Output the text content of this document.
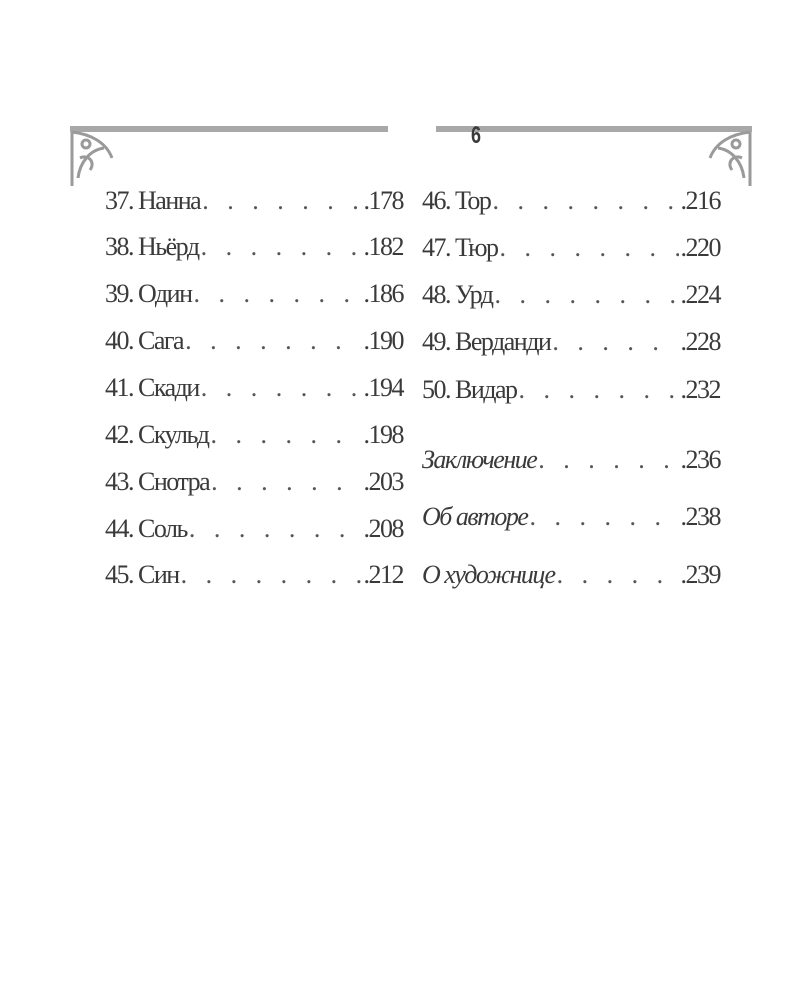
6
37. Нанна . . .	.178
38. Ньёрд . . .	.182
39. Один . . .	.186
40. Сага . . .	.190
41. Скади . . .	.194
42. Скульд . . .	.198
43. Снотра . . .	.203
44. Соль . . .	.208
45. Син . . .	.212
46. Тор . . .	.216
47. Тюр . . .	.220
48. Урд . . .	.224
49. Верданди . . .	.228
50. Видар . . .	.232
Заключение . . .	.236
Об авторе . . .	.238
О художнице . . .	.239
